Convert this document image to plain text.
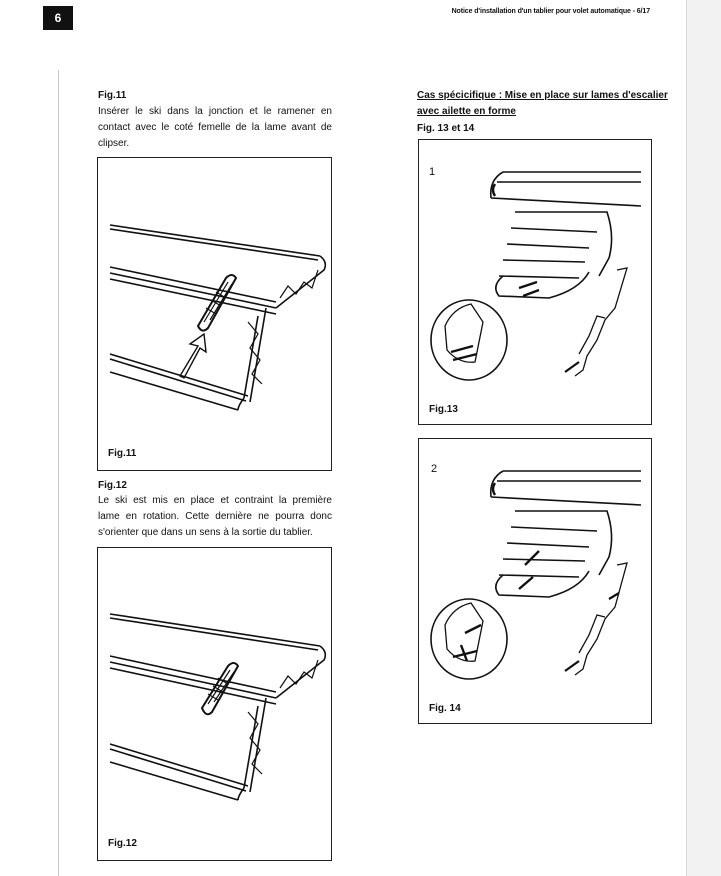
6	Notice d'installation d'un tablier pour volet automatique - 6/17
Fig.11
Insérer le ski dans la jonction et le ramener en
contact avec le coté femelle de la lame avant de
clipser.
Fig.11
Fig.12
Le ski est mis en place et contraint la première
lame en rotation. Cette dernière ne pourra donc
s'orienter que dans un sens à la sortie du tablier.
Fig.12
Cas spécicifique : Mise en place sur lames d'escalier
avec ailette en forme
Fig. 13 et 14
1
Fig.13
2
Fig. 14
